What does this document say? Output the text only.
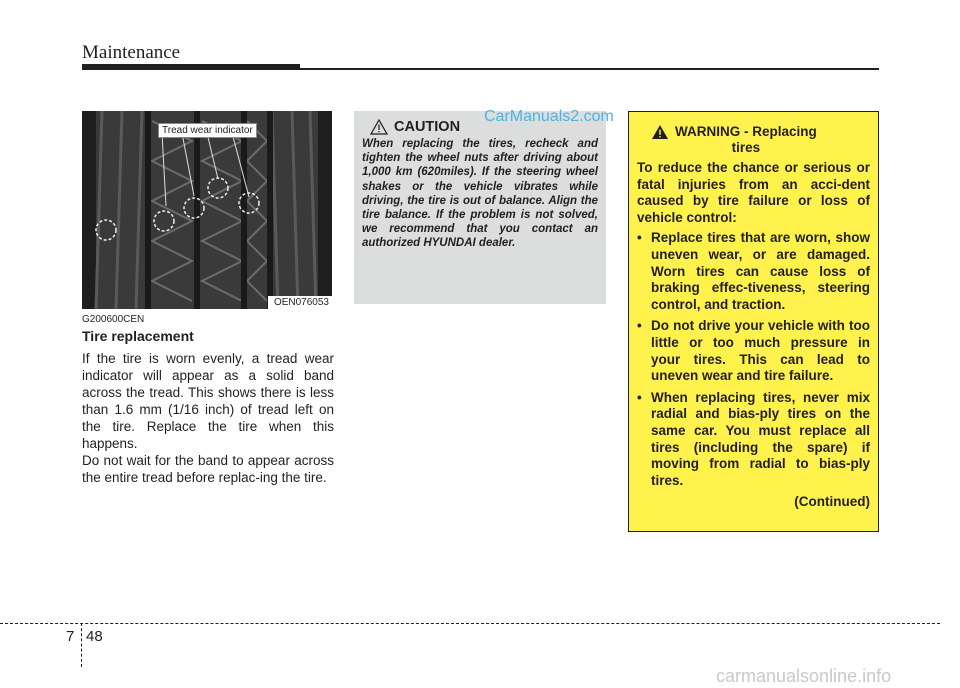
Maintenance
Tread wear indicator
OEN076053
G200600CEN
Tire replacement

If the tire is worn evenly, a tread wear indicator will appear as a solid band across the tread. This shows there is less than 1.6 mm (1/16 inch) of tread left on the tire. Replace the tire when this happens.

Do not wait for the band to appear across the entire tread before replac-ing the tire.

CAUTION

When replacing the tires, recheck and tighten the wheel nuts after driving about 1,000 km (620miles). If the steering wheel shakes or the vehicle vibrates while driving, the tire is out of balance. Align the tire balance. If the problem is not solved, we recommend that you contact an authorized HYUNDAI dealer.

CarManuals2.com
WARNING - Replacing
tires

To reduce the chance or serious or fatal injuries from an acci-dent caused by tire failure or loss of vehicle control:

• Replace tires that are worn, show uneven wear, or are damaged. Worn tires can cause loss of braking effec-tiveness, steering control, and traction.
• Do not drive your vehicle with too little or too much pressure in your tires. This can lead to uneven wear and tire failure.
• When replacing tires, never mix radial and bias-ply tires on the same car. You must replace all tires (including the spare) if moving from radial to bias-ply tires.
(Continued)
7 48
carmanualsonline.info
